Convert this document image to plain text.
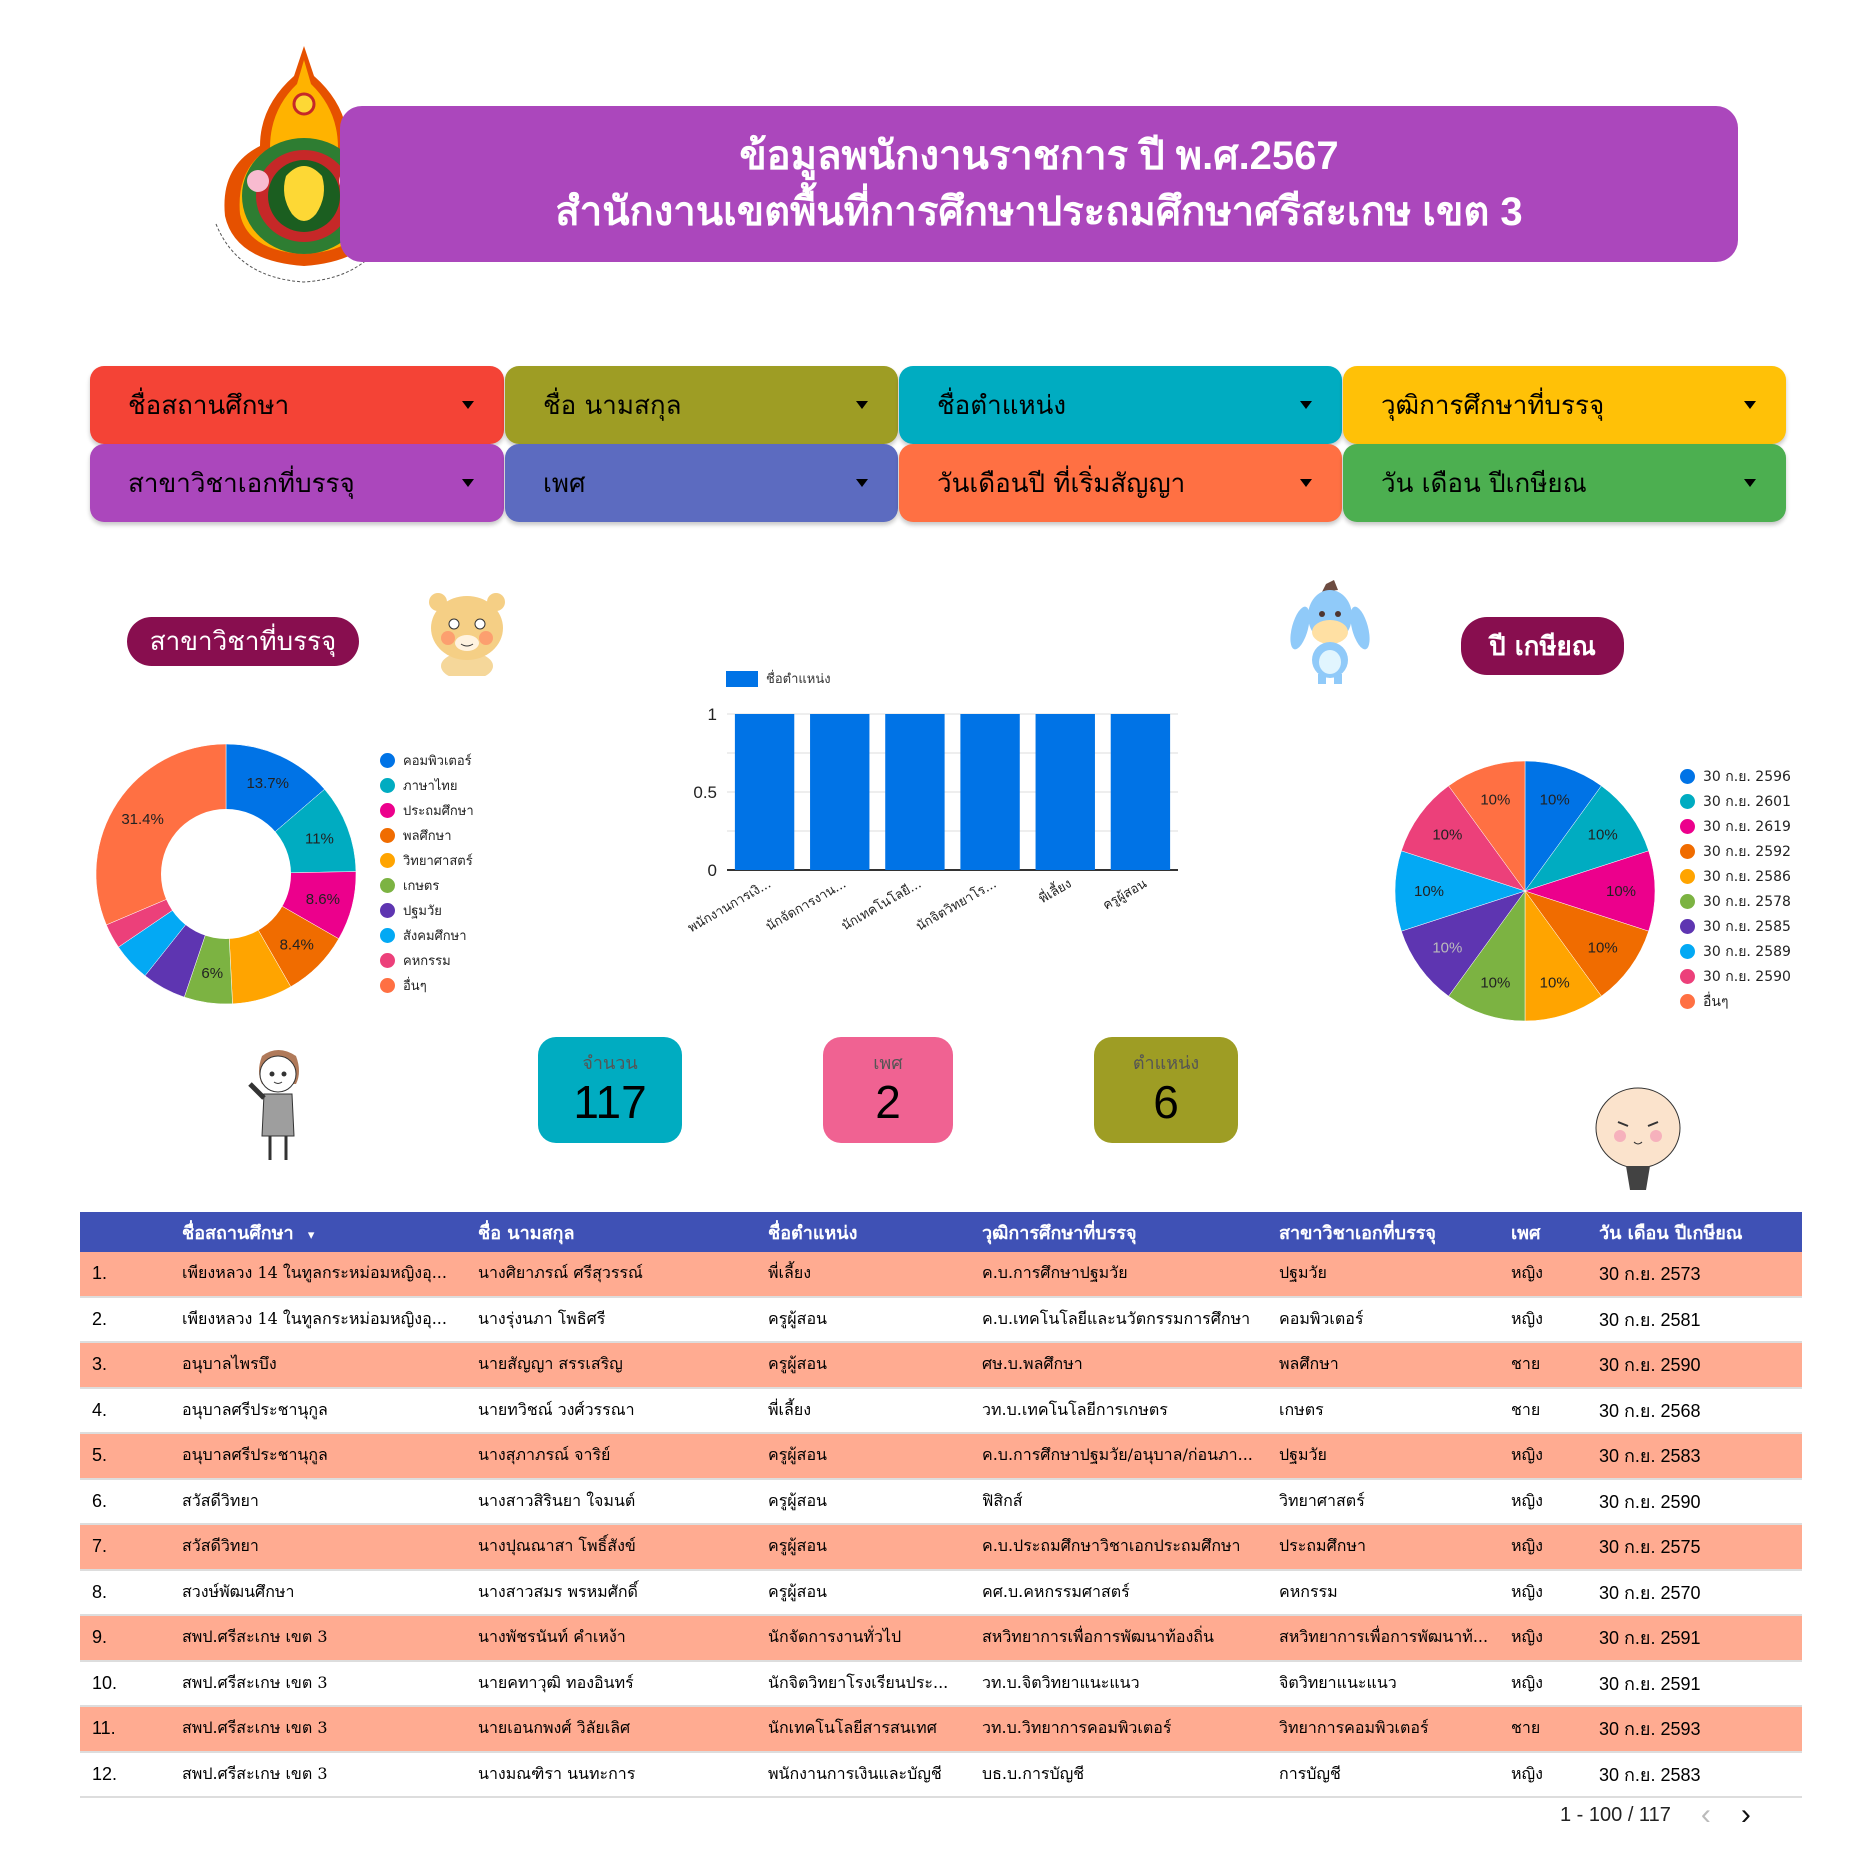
ข้อมูลพนักงานราชการ ปี พ.ศ.2567
สำนักงานเขตพื้นที่การศึกษาประถมศึกษาศรีสะเกษ เขต 3
ชื่อสถานศึกษา	ชื่อ นามสกุล	ชื่อตำแหน่ง	วุฒิการศึกษาที่บรรจุ
สาขาวิชาเอกที่บรรจุ	เพศ	วันเดือนปี ที่เริ่มสัญญา	วัน เดือน ปีเกษียณ
สาขาวิชาที่บรรจุ	ปี เกษียณ
13.7%
11%
8.6%
8.4%
6%
31.4%
คอมพิวเตอร์
ภาษาไทย
ประถมศึกษา
พลศึกษา
วิทยาศาสตร์
เกษตร
ปฐมวัย
สังคมศึกษา
คหกรรม
อื่นๆ
ชื่อตำแหน่ง
0
0.5
1
พนักงานการเงิ...
นักจัดการงาน...
นักเทคโนโลยี...
นักจิตวิทยาโร...	พี่เลี้ยง ครูผู้สอน
10%
10%
10%
10%
10%
10%
10%
10%
10%
10%
30 ก.ย. 2596
30 ก.ย. 2601
30 ก.ย. 2619
30 ก.ย. 2592
30 ก.ย. 2586
30 ก.ย. 2578
30 ก.ย. 2585
30 ก.ย. 2589
30 ก.ย. 2590
อื่นๆ
จำนวน
117
เพศ
2
ตำแหน่ง
6
ชื่อสถานศึกษา ▾	ชื่อ นามสกุล	ชื่อตำแหน่ง	วุฒิการศึกษาที่บรรจุ	สาขาวิชาเอกที่บรรจุ	เพศ	วัน เดือน ปีเกษียณ
1.	เพียงหลวง 14 ในทูลกระหม่อมหญิงอุ...	นางศิยาภรณ์ ศรีสุวรรณ์	พี่เลี้ยง	ค.บ.การศึกษาปฐมวัย	ปฐมวัย	หญิง	30 ก.ย. 2573
2.	เพียงหลวง 14 ในทูลกระหม่อมหญิงอุ...	นางรุ่งนภา โพธิศรี	ครูผู้สอน	ค.บ.เทคโนโลยีและนวัตกรรมการศึกษา	คอมพิวเตอร์	หญิง	30 ก.ย. 2581
3.	อนุบาลไพรบึง	นายสัญญา สรรเสริญ	ครูผู้สอน	ศษ.บ.พลศึกษา	พลศึกษา	ชาย	30 ก.ย. 2590
4.	อนุบาลศรีประชานุกูล	นายทวิชณ์ วงศ์วรรณา	พี่เลี้ยง	วท.บ.เทคโนโลยีการเกษตร	เกษตร	ชาย	30 ก.ย. 2568
5.	อนุบาลศรีประชานุกูล	นางสุภาภรณ์ จาริย์	ครูผู้สอน	ค.บ.การศึกษาปฐมวัย/อนุบาล/ก่อนภา...	ปฐมวัย	หญิง	30 ก.ย. 2583
6.	สวัสดีวิทยา	นางสาวสิรินยา ใจมนต์	ครูผู้สอน	ฟิสิกส์	วิทยาศาสตร์	หญิง	30 ก.ย. 2590
7.	สวัสดีวิทยา	นางปุณณาสา โพธิ์สังข์	ครูผู้สอน	ค.บ.ประถมศึกษาวิชาเอกประถมศึกษา	ประถมศึกษา	หญิง	30 ก.ย. 2575
8.	สวงษ์พัฒนศึกษา	นางสาวสมร พรหมศักดิ์	ครูผู้สอน	คศ.บ.คหกรรมศาสตร์	คหกรรม	หญิง	30 ก.ย. 2570
9.	สพป.ศรีสะเกษ เขต 3	นางพัชรนันท์ คำเหง้า	นักจัดการงานทั่วไป	สหวิทยาการเพื่อการพัฒนาท้องถิ่น	สหวิทยาการเพื่อการพัฒนาท้...	หญิง	30 ก.ย. 2591
10.	สพป.ศรีสะเกษ เขต 3	นายคทาวุฒิ ทองอินทร์	นักจิตวิทยาโรงเรียนประ...	วท.บ.จิตวิทยาแนะแนว	จิตวิทยาแนะแนว	หญิง	30 ก.ย. 2591
11.	สพป.ศรีสะเกษ เขต 3	นายเอนกพงศ์ วิลัยเลิศ	นักเทคโนโลยีสารสนเทศ	วท.บ.วิทยาการคอมพิวเตอร์	วิทยาการคอมพิวเตอร์	ชาย	30 ก.ย. 2593
12.	สพป.ศรีสะเกษ เขต 3	นางมณฑิรา นนทะการ	พนักงานการเงินและบัญชี	บธ.บ.การบัญชี	การบัญชี	หญิง	30 ก.ย. 2583
1 - 100 / 117 ‹ ›
